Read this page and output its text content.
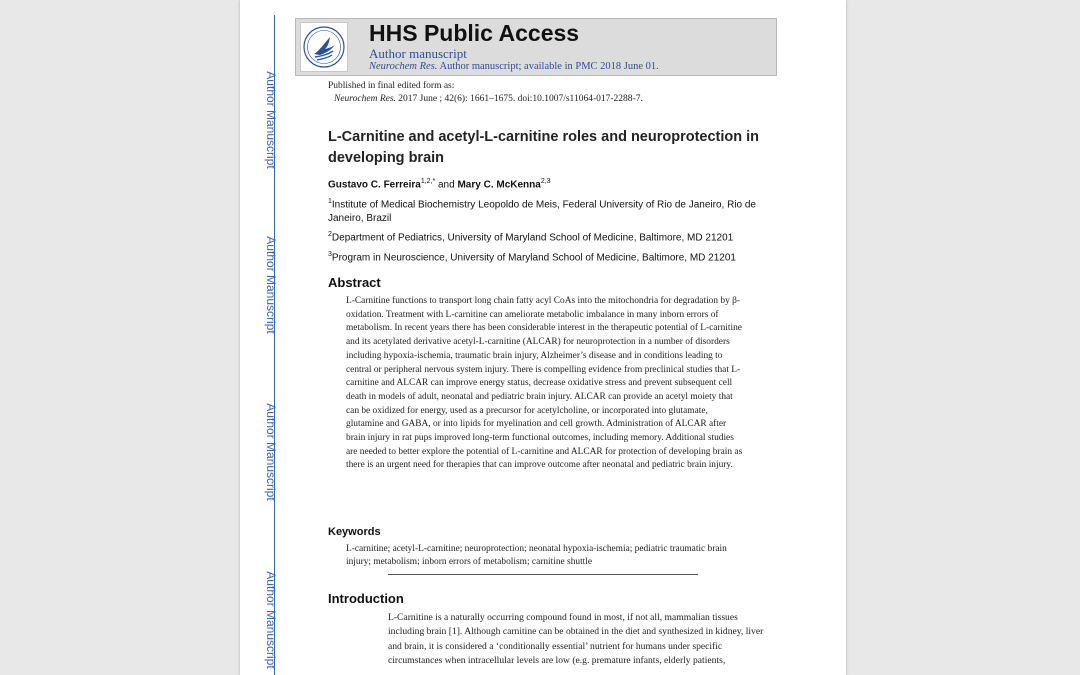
Author Manuscript
Author Manuscript
Author Manuscript
Author Manuscript
HHS Public Access
Author manuscript
Neurochem Res. Author manuscript; available in PMC 2018 June 01.
Published in final edited form as:
Neurochem Res. 2017 June ; 42(6): 1661–1675. doi:10.1007/s11064-017-2288-7.
L-Carnitine and acetyl-L-carnitine roles and neuroprotection in developing brain
Gustavo C. Ferreira$^{1,2,*}$ and Mary C. McKenna$^{2,3}$
$^1$Institute of Medical Biochemistry Leopoldo de Meis, Federal University of Rio de Janeiro, Rio de Janeiro, Brazil
$^2$Department of Pediatrics, University of Maryland School of Medicine, Baltimore, MD 21201
$^3$Program in Neuroscience, University of Maryland School of Medicine, Baltimore, MD 21201
Abstract
L-Carnitine functions to transport long chain fatty acyl CoAs into the mitochondria for degradation by β-oxidation. Treatment with L-carnitine can ameliorate metabolic imbalance in many inborn errors of metabolism. In recent years there has been considerable interest in the therapeutic potential of L-carnitine and its acetylated derivative acetyl-L-carnitine (ALCAR) for neuroprotection in a number of disorders including hypoxia-ischemia, traumatic brain injury, Alzheimer’s disease and in conditions leading to central or peripheral nervous system injury. There is compelling evidence from preclinical studies that L-carnitine and ALCAR can improve energy status, decrease oxidative stress and prevent subsequent cell death in models of adult, neonatal and pediatric brain injury. ALCAR can provide an acetyl moiety that can be oxidized for energy, used as a precursor for acetylcholine, or incorporated into glutamate, glutamine and GABA, or into lipids for myelination and cell growth. Administration of ALCAR after brain injury in rat pups improved long-term functional outcomes, including memory. Additional studies are needed to better explore the potential of L-carnitine and ALCAR for protection of developing brain as there is an urgent need for therapies that can improve outcome after neonatal and pediatric brain injury.
Keywords
L-carnitine; acetyl-L-carnitine; neuroprotection; neonatal hypoxia-ischemia; pediatric traumatic brain injury; metabolism; inborn errors of metabolism; carnitine shuttle
Introduction
L-Carnitine is a naturally occurring compound found in most, if not all, mammalian tissues including brain [1]. Although carnitine can be obtained in the diet and synthesized in kidney, liver and brain, it is considered a ‘conditionally essential’ nutrient for humans under specific circumstances when intracellular levels are low (e.g. premature infants, elderly patients,
